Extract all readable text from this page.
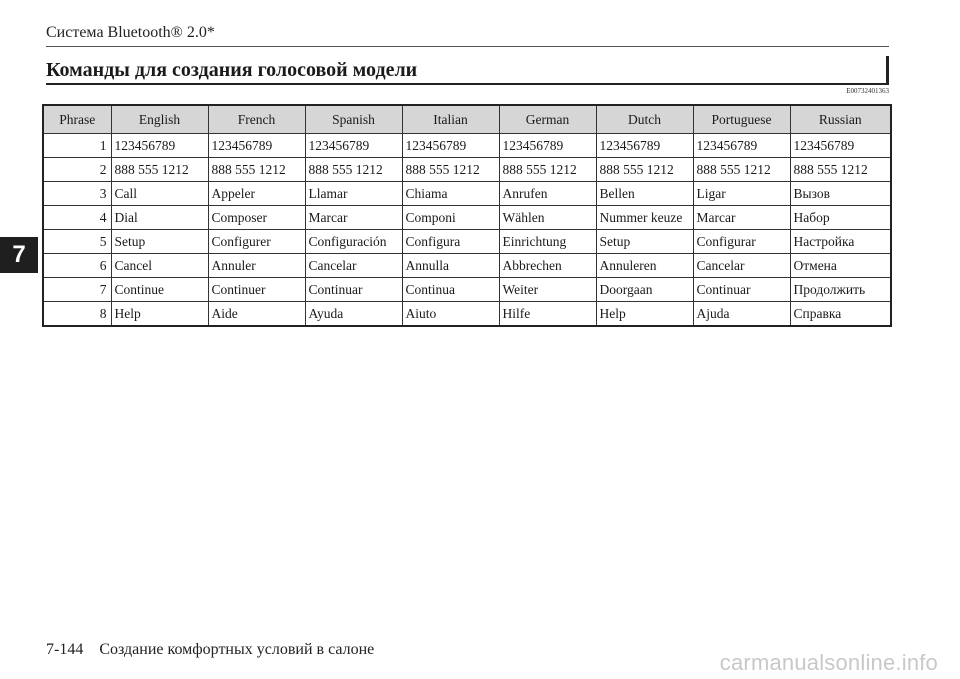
Система Bluetooth® 2.0*
Команды для создания голосовой модели
E00732401363
7
Phrase	English	French	Spanish	Italian	German	Dutch	Portuguese	Russian
1	123456789	123456789	123456789	123456789	123456789	123456789	123456789	123456789
2	888 555 1212	888 555 1212	888 555 1212	888 555 1212	888 555 1212	888 555 1212	888 555 1212	888 555 1212
3	Call	Appeler	Llamar	Chiama	Anrufen	Bellen	Ligar	Вызов
4	Dial	Composer	Marcar	Componi	Wählen	Nummer keuze	Marcar	Набор
5	Setup	Configurer	Configuración	Configura	Einrichtung	Setup	Configurar	Настройка
6	Cancel	Annuler	Cancelar	Annulla	Abbrechen	Annuleren	Cancelar	Отмена
7	Continue	Continuer	Continuar	Continua	Weiter	Doorgaan	Continuar	Продолжить
8	Help	Aide	Ayuda	Aiuto	Hilfe	Help	Ajuda	Справка
7-144 Создание комфортных условий в салоне
carmanualsonline.info
